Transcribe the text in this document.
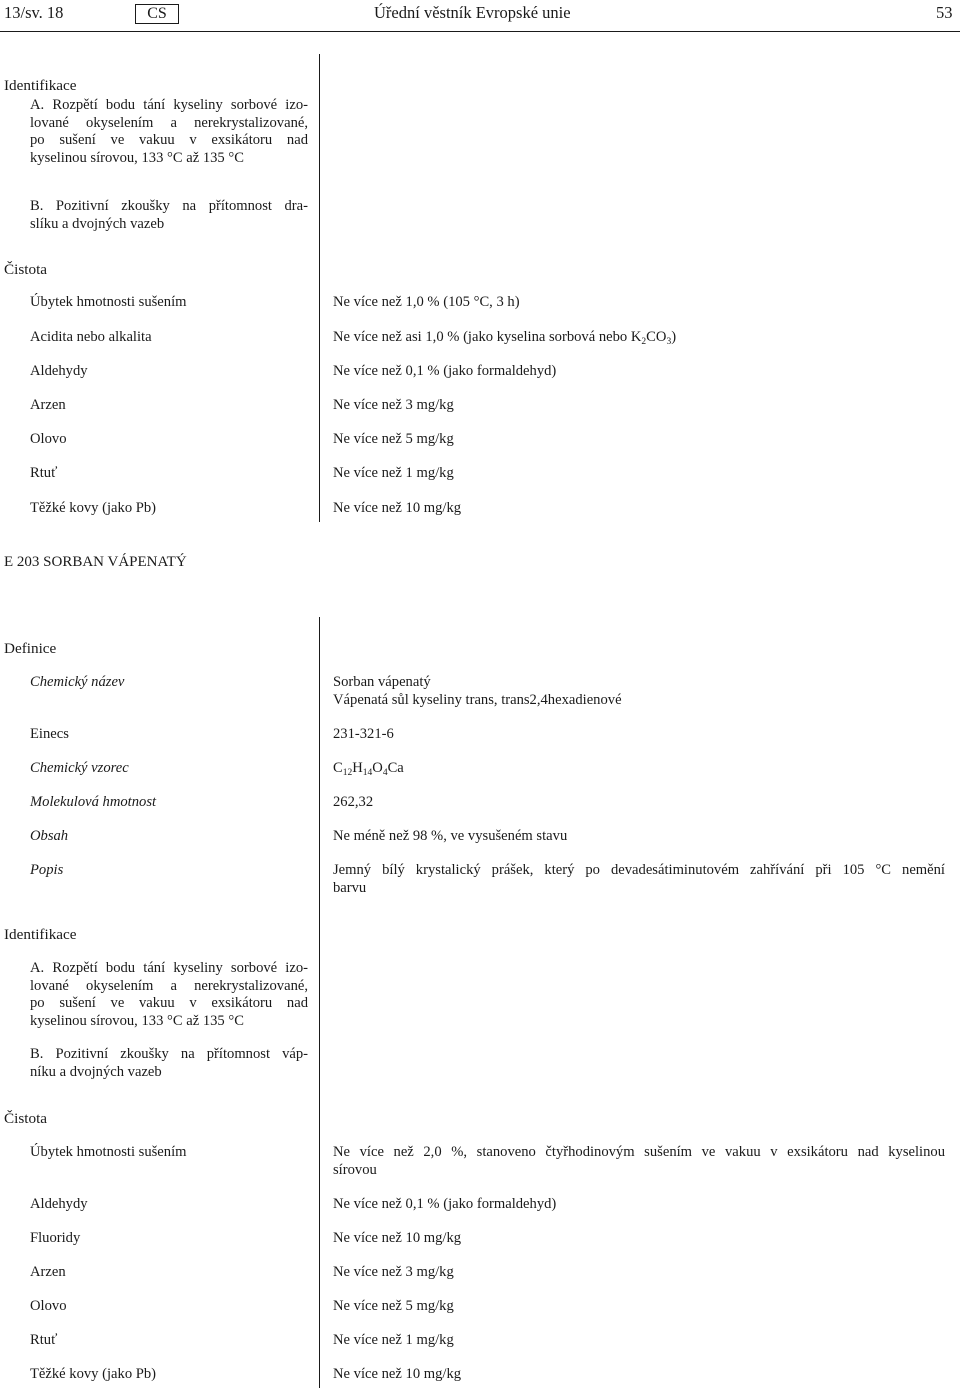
13/sv. 18	CS	Úřední věstník Evropské unie	53
Identifikace
A. Rozpětí bodu tání kyseliny sorbové izo-
lované okyselením a nerekrystalizované,
po sušení ve vakuu v exsikátoru nad
kyselinou sírovou, 133 °C až 135 °C
B. Pozitivní zkoušky na přítomnost dra-
slíku a dvojných vazeb
Čistota
Úbytek hmotnosti sušením	Ne více než 1,0 % (105 °C, 3 h)
Acidita nebo alkalita	Ne více než asi 1,0 % (jako kyselina sorbová nebo $K_2CO_3$)
Aldehydy	Ne více než 0,1 % (jako formaldehyd)
Arzen	Ne více než 3 mg/kg
Olovo	Ne více než 5 mg/kg
Rtuť	Ne více než 1 mg/kg
Těžké kovy (jako Pb)	Ne více než 10 mg/kg
E 203 SORBAN VÁPENATÝ
Definice
Chemický název	Sorban vápenatý
Vápenatá sůl kyseliny trans, trans2,4hexadienové
Einecs	231-321-6
Chemický vzorec	$C_{12}H_{14}O_4Ca$
Molekulová hmotnost	262,32
Obsah	Ne méně než 98 %, ve vysušeném stavu
Popis	Jemný bílý krystalický prášek, který po devadesátiminutovém zahřívání při 105 °C nemění
barvu
Identifikace
A. Rozpětí bodu tání kyseliny sorbové izo-
lované okyselením a nerekrystalizované,
po sušení ve vakuu v exsikátoru nad
kyselinou sírovou, 133 °C až 135 °C
B. Pozitivní zkoušky na přítomnost váp-
níku a dvojných vazeb
Čistota
Úbytek hmotnosti sušením	Ne více než 2,0 %, stanoveno čtyřhodinovým sušením ve vakuu v exsikátoru nad kyselinou
sírovou
Aldehydy	Ne více než 0,1 % (jako formaldehyd)
Fluoridy	Ne více než 10 mg/kg
Arzen	Ne více než 3 mg/kg
Olovo	Ne více než 5 mg/kg
Rtuť	Ne více než 1 mg/kg
Těžké kovy (jako Pb)	Ne více než 10 mg/kg
